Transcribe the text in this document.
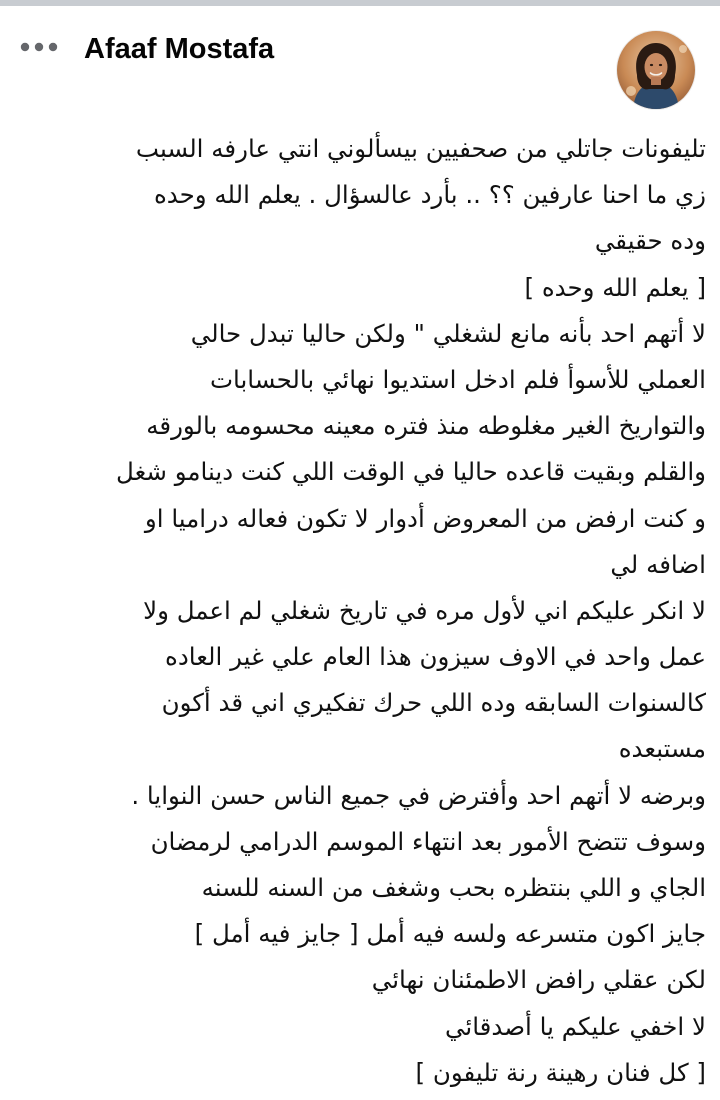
Afaaf Mostafa
تليفونات جاتلي من صحفيين بيسألوني انتي عارفه السبب
زي ما احنا عارفين ؟؟ .. بأرد عالسؤال . يعلم الله وحده
وده حقيقي
[ يعلم الله وحده ]
لا أتهم احد بأنه مانع لشغلي " ولكن حاليا تبدل حالي
العملي للأسوأ فلم ادخل استديوا نهائي بالحسابات
والتواريخ الغير مغلوطه منذ فتره معينه محسومه بالورقه
والقلم وبقيت قاعده حاليا في الوقت اللي كنت دينامو شغل
و كنت ارفض من المعروض أدوار لا تكون فعاله دراميا او
اضافه لي
لا انكر عليكم اني لأول مره في تاريخ شغلي لم اعمل ولا
عمل واحد في الاوف سيزون هذا العام علي غير العاده
كالسنوات السابقه وده اللي حرك تفكيري اني قد أكون
مستبعده
وبرضه لا أتهم احد وأفترض في جميع الناس حسن النوايا .
وسوف تتضح الأمور بعد انتهاء الموسم الدرامي لرمضان
الجاي و اللي بنتظره بحب وشغف من السنه للسنه
جايز اكون متسرعه ولسه فيه أمل [ جايز فيه أمل ]
لكن عقلي رافض الاطمئنان نهائي
لا اخفي عليكم يا أصدقائي
[ كل فنان رهينة رنة تليفون ]
